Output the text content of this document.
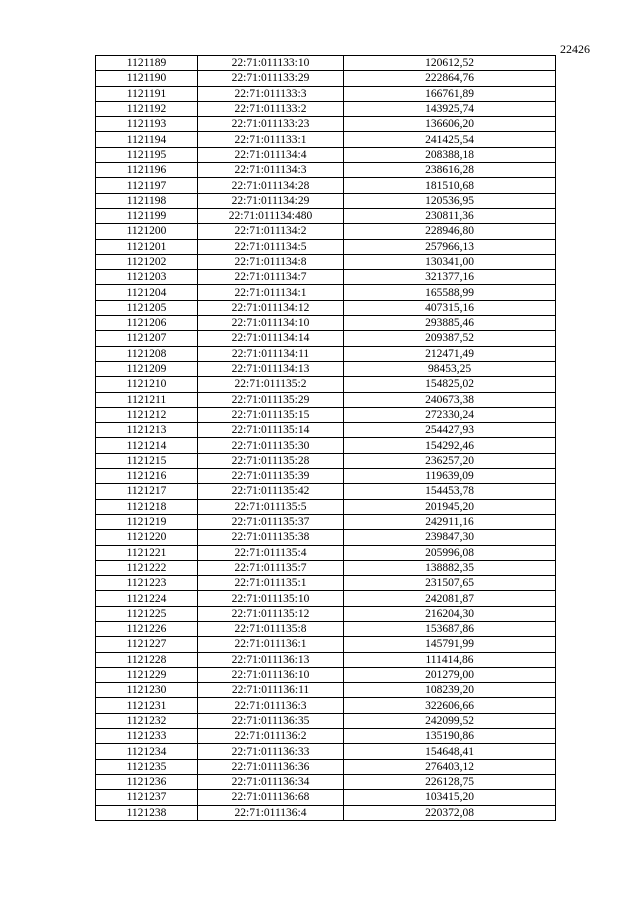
22426
1121189	22:71:011133:10	120612,52
1121190	22:71:011133:29	222864,76
1121191	22:71:011133:3	166761,89
1121192	22:71:011133:2	143925,74
1121193	22:71:011133:23	136606,20
1121194	22:71:011133:1	241425,54
1121195	22:71:011134:4	208388,18
1121196	22:71:011134:3	238616,28
1121197	22:71:011134:28	181510,68
1121198	22:71:011134:29	120536,95
1121199	22:71:011134:480	230811,36
1121200	22:71:011134:2	228946,80
1121201	22:71:011134:5	257966,13
1121202	22:71:011134:8	130341,00
1121203	22:71:011134:7	321377,16
1121204	22:71:011134:1	165588,99
1121205	22:71:011134:12	407315,16
1121206	22:71:011134:10	293885,46
1121207	22:71:011134:14	209387,52
1121208	22:71:011134:11	212471,49
1121209	22:71:011134:13	98453,25
1121210	22:71:011135:2	154825,02
1121211	22:71:011135:29	240673,38
1121212	22:71:011135:15	272330,24
1121213	22:71:011135:14	254427,93
1121214	22:71:011135:30	154292,46
1121215	22:71:011135:28	236257,20
1121216	22:71:011135:39	119639,09
1121217	22:71:011135:42	154453,78
1121218	22:71:011135:5	201945,20
1121219	22:71:011135:37	242911,16
1121220	22:71:011135:38	239847,30
1121221	22:71:011135:4	205996,08
1121222	22:71:011135:7	138882,35
1121223	22:71:011135:1	231507,65
1121224	22:71:011135:10	242081,87
1121225	22:71:011135:12	216204,30
1121226	22:71:011135:8	153687,86
1121227	22:71:011136:1	145791,99
1121228	22:71:011136:13	111414,86
1121229	22:71:011136:10	201279,00
1121230	22:71:011136:11	108239,20
1121231	22:71:011136:3	322606,66
1121232	22:71:011136:35	242099,52
1121233	22:71:011136:2	135190,86
1121234	22:71:011136:33	154648,41
1121235	22:71:011136:36	276403,12
1121236	22:71:011136:34	226128,75
1121237	22:71:011136:68	103415,20
1121238	22:71:011136:4	220372,08
